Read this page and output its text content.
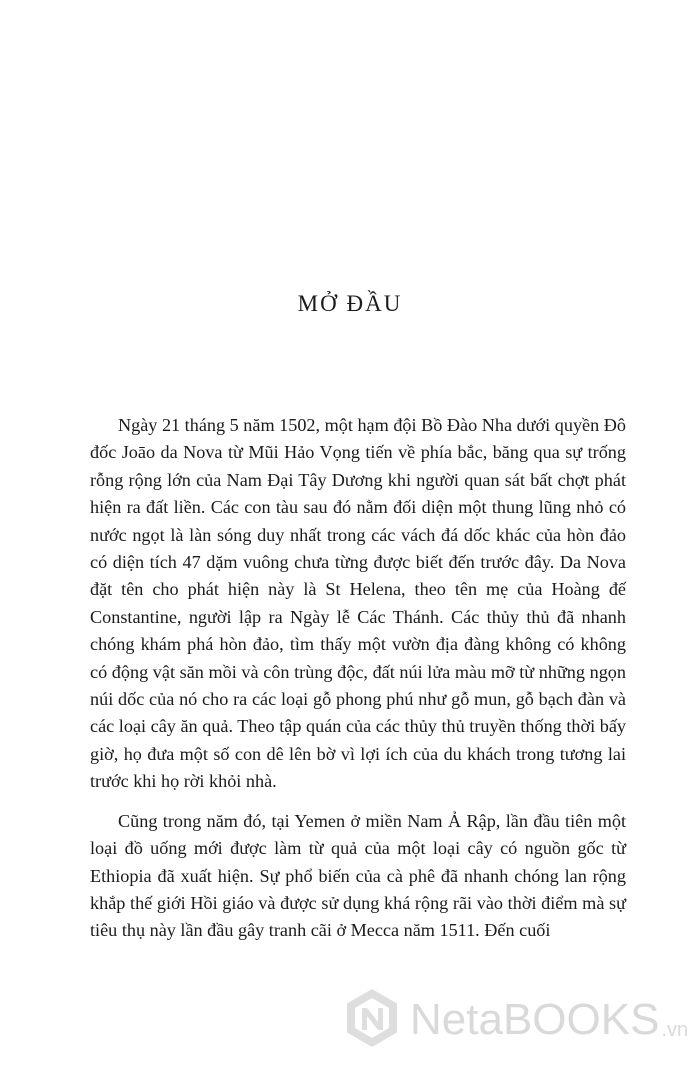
MỞ ĐẦU

Ngày 21 tháng 5 năm 1502, một hạm đội Bồ Đào Nha dưới quyền Đô đốc Joāo da Nova từ Mũi Hảo Vọng tiến về phía bắc, băng qua sự trống rỗng rộng lớn của Nam Đại Tây Dương khi người quan sát bất chợt phát hiện ra đất liền. Các con tàu sau đó nằm đối diện một thung lũng nhỏ có nước ngọt là làn sóng duy nhất trong các vách đá dốc khác của hòn đảo có diện tích 47 dặm vuông chưa từng được biết đến trước đây. Da Nova đặt tên cho phát hiện này là St Helena, theo tên mẹ của Hoàng đế Constantine, người lập ra Ngày lễ Các Thánh. Các thủy thủ đã nhanh chóng khám phá hòn đảo, tìm thấy một vườn địa đàng không có không có động vật săn mồi và côn trùng độc, đất núi lửa màu mỡ từ những ngọn núi dốc của nó cho ra các loại gỗ phong phú như gỗ mun, gỗ bạch đàn và các loại cây ăn quả. Theo tập quán của các thủy thủ truyền thống thời bấy giờ, họ đưa một số con dê lên bờ vì lợi ích của du khách trong tương lai trước khi họ rời khỏi nhà.

Cũng trong năm đó, tại Yemen ở miền Nam Ả Rập, lần đầu tiên một loại đồ uống mới được làm từ quả của một loại cây có nguồn gốc từ Ethiopia đã xuất hiện. Sự phổ biến của cà phê đã nhanh chóng lan rộng khắp thế giới Hồi giáo và được sử dụng khá rộng rãi vào thời điểm mà sự tiêu thụ này lần đầu gây tranh cãi ở Mecca năm 1511. Đến cuối

NetaBOOKS .vn
